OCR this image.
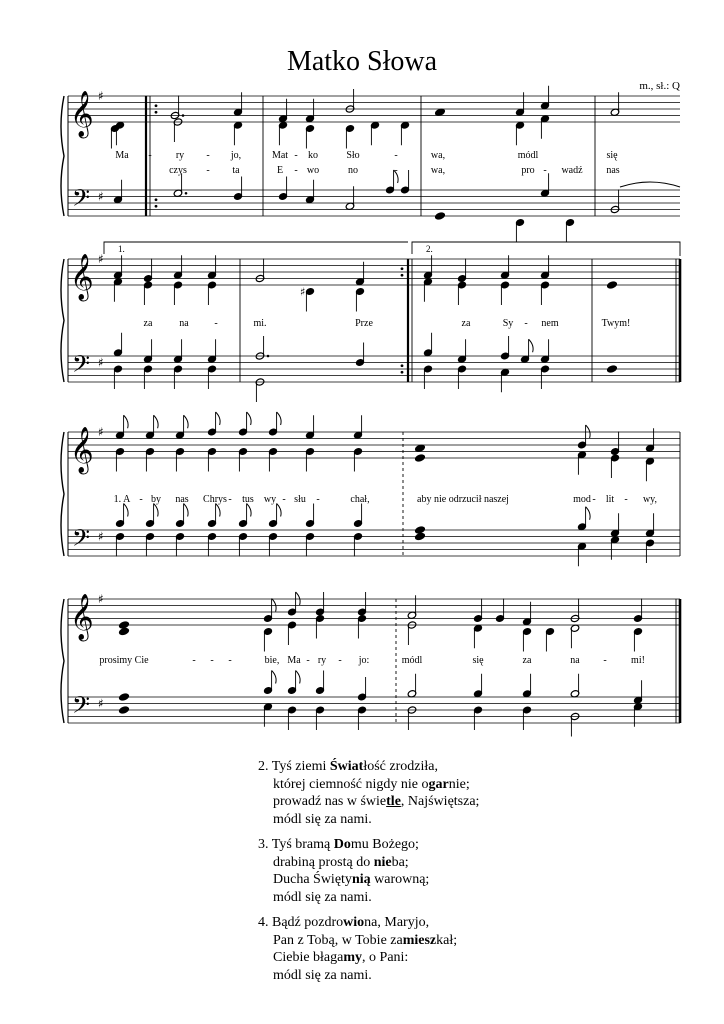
Matko Słowa
m., sł.: Q
𝄞
𝄢
♯
♯
Ma - ry - jo,	Mat - ko	Sło	-	wa,	módl	się
czys - ta	E - wo	no	-	wa,	pro - wadź nas
𝄞
𝄢
♯
♯
1.	2.
♯
za	na	-	mi.	Prze	za	Sy - nem	Twym!
𝄞
𝄢
♯
♯
1. A - by nas Chrys - tus wy - słu -	chał,	aby nie odrzucił naszej	mod - lit - wy,
𝄞
𝄢
♯
♯
prosimy Cie	- - -	bie, Ma - ry - jo:	módl	się	za	na - mi!
2. Tyś ziemi Światłość zrodziła,
której ciemność nigdy nie ogarnie;
prowadź nas w świetle, Najświętsza;
módl się za nami.
3. Tyś bramą Domu Bożego;
drabiną prostą do nieba;
Ducha Świętynią warowną;
módl się za nami.
4. Bądź pozdrowiona, Maryjo,
Pan z Tobą, w Tobie zamieszkał;
Ciebie błagamy, o Pani:
módl się za nami.
